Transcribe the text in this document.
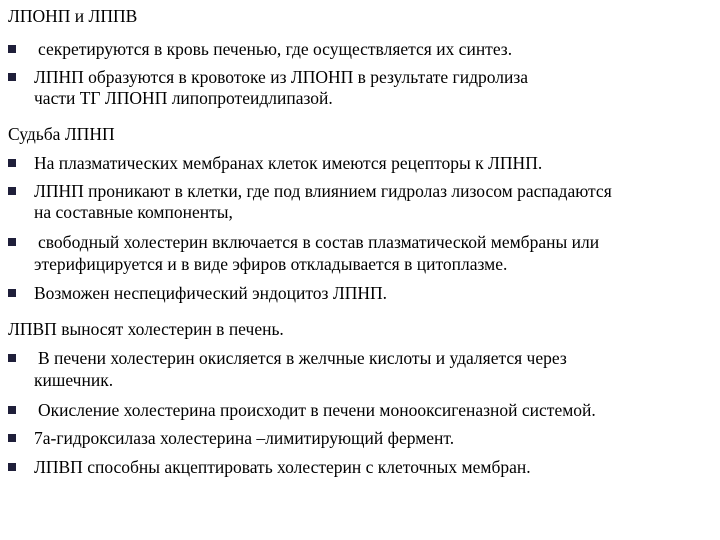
ЛПОНП и ЛППВ
секретируются в кровь печенью, где осуществляется их синтез.
ЛПНП образуются в кровотоке из ЛПОНП в результате гидролиза
части ТГ ЛПОНП липопротеидлипазой.
Судьба ЛПНП
На плазматических мембранах клеток имеются рецепторы к ЛПНП.
ЛПНП проникают в клетки, где под влиянием гидролаз лизосом распадаются
на составные компоненты,
свободный холестерин включается в состав плазматической мембраны или
этерифицируется и в виде эфиров откладывается в цитоплазме.
Возможен неспецифический эндоцитоз ЛПНП.
ЛПВП выносят холестерин в печень.
В печени холестерин окисляется в желчные кислоты и удаляется через
кишечник.
Окисление холестерина происходит в печени монооксигеназной системой.
7а-гидроксилаза холестерина –лимитирующий фермент.
ЛПВП способны акцептировать холестерин с клеточных мембран.
